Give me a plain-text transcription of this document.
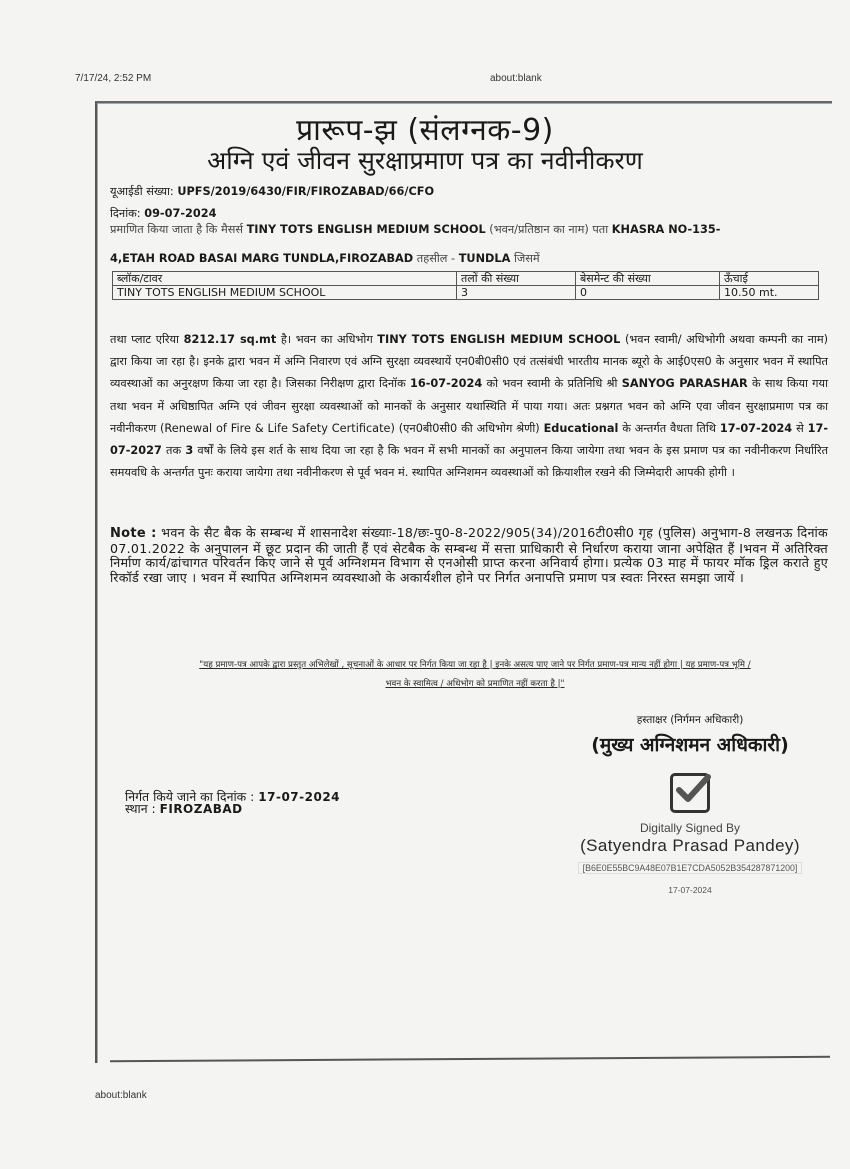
7/17/24, 2:52 PM	about:blank
प्रारूप-झ (संलग्नक-9)
अग्नि एवं जीवन सुरक्षाप्रमाण पत्र का नवीनीकरण
यूआईडी संख्या: UPFS/2019/6430/FIR/FIROZABAD/66/CFO
दिनांक: 09-07-2024
प्रमाणित किया जाता है कि मैसर्स TINY TOTS ENGLISH MEDIUM SCHOOL (भवन/प्रतिष्ठान का नाम) पता KHASRA NO-135-
4,ETAH ROAD BASAI MARG TUNDLA,FIROZABAD तहसील - TUNDLA जिसमें
ब्लॉक/टावर	तलों की संख्या	बेसमेन्ट की संख्या	ऊँचाई
TINY TOTS ENGLISH MEDIUM SCHOOL	3	0	10.50 mt.
तथा प्लाट एरिया 8212.17 sq.mt है। भवन का अधिभोग TINY TOTS ENGLISH MEDIUM SCHOOL (भवन स्वामी/ अधिभोगी अथवा कम्पनी का नाम) द्वारा किया जा रहा है। इनके द्वारा भवन में अग्नि निवारण एवं अग्नि सुरक्षा व्यवस्थायें एन0बी0सी0 एवं तत्संबंधी भारतीय मानक ब्यूरो के आई0एस0 के अनुसार भवन में स्थापित व्यवस्थाओं का अनुरक्षण किया जा रहा है। जिसका निरीक्षण द्वारा दिनॉक 16-07-2024 को भवन स्वामी के प्रतिनिधि श्री SANYOG PARASHAR के साथ किया गया तथा भवन में अधिष्ठापित अग्नि एवं जीवन सुरक्षा व्यवस्थाओं को मानकों के अनुसार यथास्थिति में पाया गया। अतः प्रश्नगत भवन को अग्नि एवा जीवन सुरक्षाप्रमाण पत्र का नवीनीकरण (Renewal of Fire & Life Safety Certificate) (एन0बी0सी0 की अधिभोग श्रेणी) Educational के अन्तर्गत वैधता तिथि 17-07-2024 से 17-07-2027 तक 3 वर्षों के लिये इस शर्त के साथ दिया जा रहा है कि भवन में सभी मानकों का अनुपालन किया जायेगा तथा भवन के इस प्रमाण पत्र का नवीनीकरण निर्धारित समयवधि के अन्तर्गत पुनः कराया जायेगा तथा नवीनीकरण से पूर्व भवन मं. स्थापित अग्निशमन व्यवस्थाओं को क्रियाशील रखने की जिम्मेदारी आपकी होगी ।
Note : भवन के सैट बैक के सम्बन्ध में शासनादेश संख्याः-18/छः-पु0-8-2022/905(34)/2016टी0सी0 गृह (पुलिस) अनुभाग-8 लखनऊ दिनांक 07.01.2022 के अनुपालन में छूट प्रदान की जाती हैं एवं सेटबैक के सम्बन्ध में सत्ता प्राधिकारी से निर्धारण कराया जाना अपेक्षित हैं Iभवन में अतिरिक्त निर्माण कार्य/ढांचागत परिवर्तन किए जाने से पूर्व अग्निशमन विभाग से एनओसी प्राप्त करना अनिवार्य होगा। प्रत्येक 03 माह में फायर मॉक ड्रिल कराते हुए रिकॉर्ड रखा जाए । भवन में स्थापित अग्निशमन व्यवस्थाओ के अकार्यशील होने पर निर्गत अनापत्ति प्रमाण पत्र स्वतः निरस्त समझा जायें ।
"यह प्रमाण-पत्र आपके द्वारा प्रस्तुत अभिलेखों , सूचनाओं के आधार पर निर्गत किया जा रहा है | इनके असत्य पाए जाने पर निर्गत प्रमाण-पत्र मान्य नहीं होगा | यह प्रमाण-पत्र भूमि /
भवन के स्वामित्व / अधिभोग को प्रमाणित नहीं करता है |"
हस्ताक्षर (निर्गमन अधिकारी)
(मुख्य अग्निशमन अधिकारी)
Digitally Signed By
(Satyendra Prasad Pandey)
[B6E0E55BC9A48E07B1E7CDA5052B354287871200]
17-07-2024
निर्गत किये जाने का दिनांक : 17-07-2024
स्थान : FIROZABAD
about:blank
